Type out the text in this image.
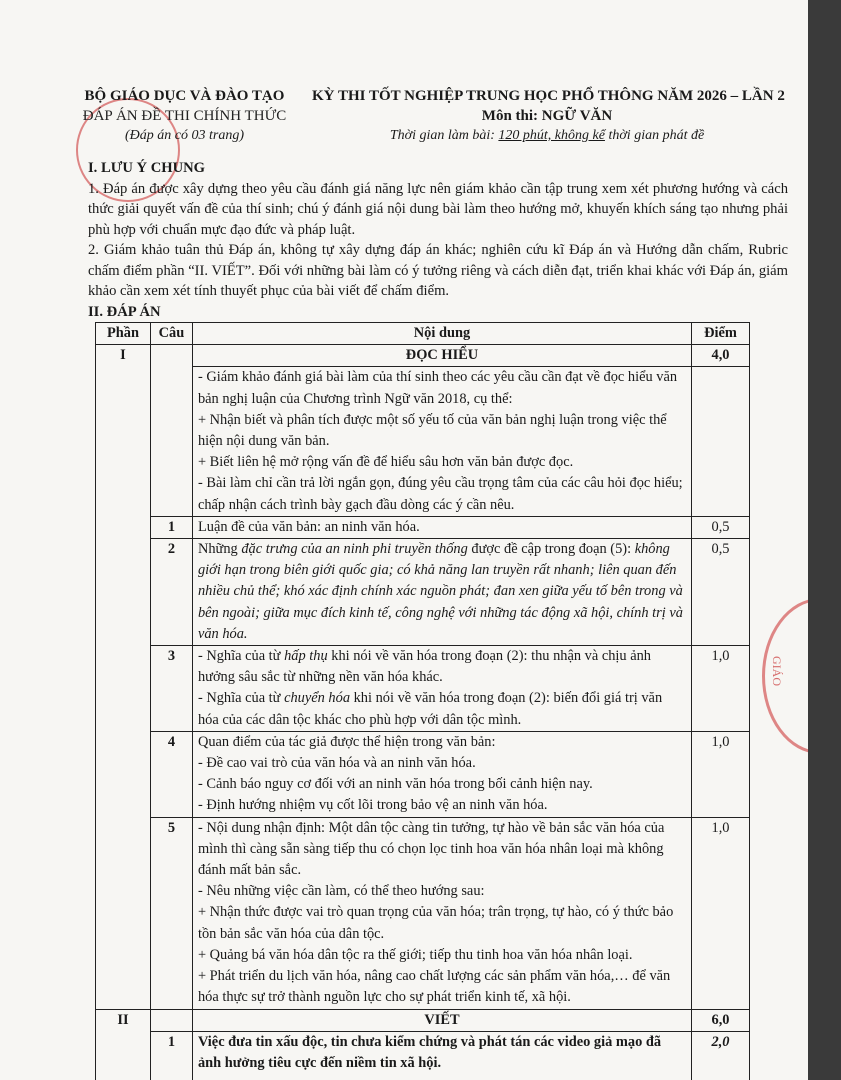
BỘ GIÁO DỤC VÀ ĐÀO TẠO
ĐÁP ÁN ĐỀ THI CHÍNH THỨC
(Đáp án có 03 trang)
KỲ THI TỐT NGHIỆP TRUNG HỌC PHỔ THÔNG NĂM 2026 – LẦN 2
Môn thi: NGỮ VĂN
Thời gian làm bài: 120 phút, không kể thời gian phát đề
I. LƯU Ý CHUNG
1. Đáp án được xây dựng theo yêu cầu đánh giá năng lực nên giám khảo cần tập trung xem xét phương hướng và cách thức giải quyết vấn đề của thí sinh; chú ý đánh giá nội dung bài làm theo hướng mở, khuyến khích sáng tạo nhưng phải phù hợp với chuẩn mực đạo đức và pháp luật.
2. Giám khảo tuân thủ Đáp án, không tự xây dựng đáp án khác; nghiên cứu kĩ Đáp án và Hướng dẫn chấm, Rubric chấm điểm phần “II. VIẾT”. Đối với những bài làm có ý tưởng riêng và cách diễn đạt, triển khai khác với Đáp án, giám khảo cần xem xét tính thuyết phục của bài viết để chấm điểm.
II. ĐÁP ÁN
Phần	Câu	Nội dung	Điểm
I		ĐỌC HIỂU	4,0

		- Giám khảo đánh giá bài làm của thí sinh theo các yêu cầu cần đạt về đọc hiểu văn bản nghị luận của Chương trình Ngữ văn 2018, cụ thể:
+ Nhận biết và phân tích được một số yếu tố của văn bản nghị luận trong việc thể hiện nội dung văn bản.
+ Biết liên hệ mở rộng vấn đề để hiểu sâu hơn văn bản được đọc.
- Bài làm chỉ cần trả lời ngắn gọn, đúng yêu cầu trọng tâm của các câu hỏi đọc hiểu; chấp nhận cách trình bày gạch đầu dòng các ý cần nêu.	

	1	Luận đề của văn bản: an ninh văn hóa.	0,5
	2	Những đặc trưng của an ninh phi truyền thống được đề cập trong đoạn (5): không giới hạn trong biên giới quốc gia; có khả năng lan truyền rất nhanh; liên quan đến nhiều chủ thể; khó xác định chính xác nguồn phát; đan xen giữa yếu tố bên trong và bên ngoài; giữa mục đích kinh tế, công nghệ với những tác động xã hội, chính trị và văn hóa.	0,5
	3	- Nghĩa của từ hấp thụ khi nói về văn hóa trong đoạn (2): thu nhận và chịu ảnh hưởng sâu sắc từ những nền văn hóa khác.
- Nghĩa của từ chuyển hóa khi nói về văn hóa trong đoạn (2): biến đổi giá trị văn hóa của các dân tộc khác cho phù hợp với dân tộc mình.	1,0
	4	Quan điểm của tác giả được thể hiện trong văn bản:
- Đề cao vai trò của văn hóa và an ninh văn hóa.
- Cảnh báo nguy cơ đối với an ninh văn hóa trong bối cảnh hiện nay.
- Định hướng nhiệm vụ cốt lõi trong bảo vệ an ninh văn hóa.	1,0
	5	- Nội dung nhận định: Một dân tộc càng tin tưởng, tự hào về bản sắc văn hóa của mình thì càng sẵn sàng tiếp thu có chọn lọc tinh hoa văn hóa nhân loại mà không đánh mất bản sắc.
- Nêu những việc cần làm, có thể theo hướng sau:
+ Nhận thức được vai trò quan trọng của văn hóa; trân trọng, tự hào, có ý thức bảo tồn bản sắc văn hóa của dân tộc.
+ Quảng bá văn hóa dân tộc ra thế giới; tiếp thu tinh hoa văn hóa nhân loại.
+ Phát triển du lịch văn hóa, nâng cao chất lượng các sản phẩm văn hóa,… để văn hóa thực sự trở thành nguồn lực cho sự phát triển kinh tế, xã hội.	1,0
II		VIẾT	6,0
	1	Việc đưa tin xấu độc, tin chưa kiểm chứng và phát tán các video giả mạo đã ảnh hưởng tiêu cực đến niềm tin xã hội.	2,0
GIÁO
